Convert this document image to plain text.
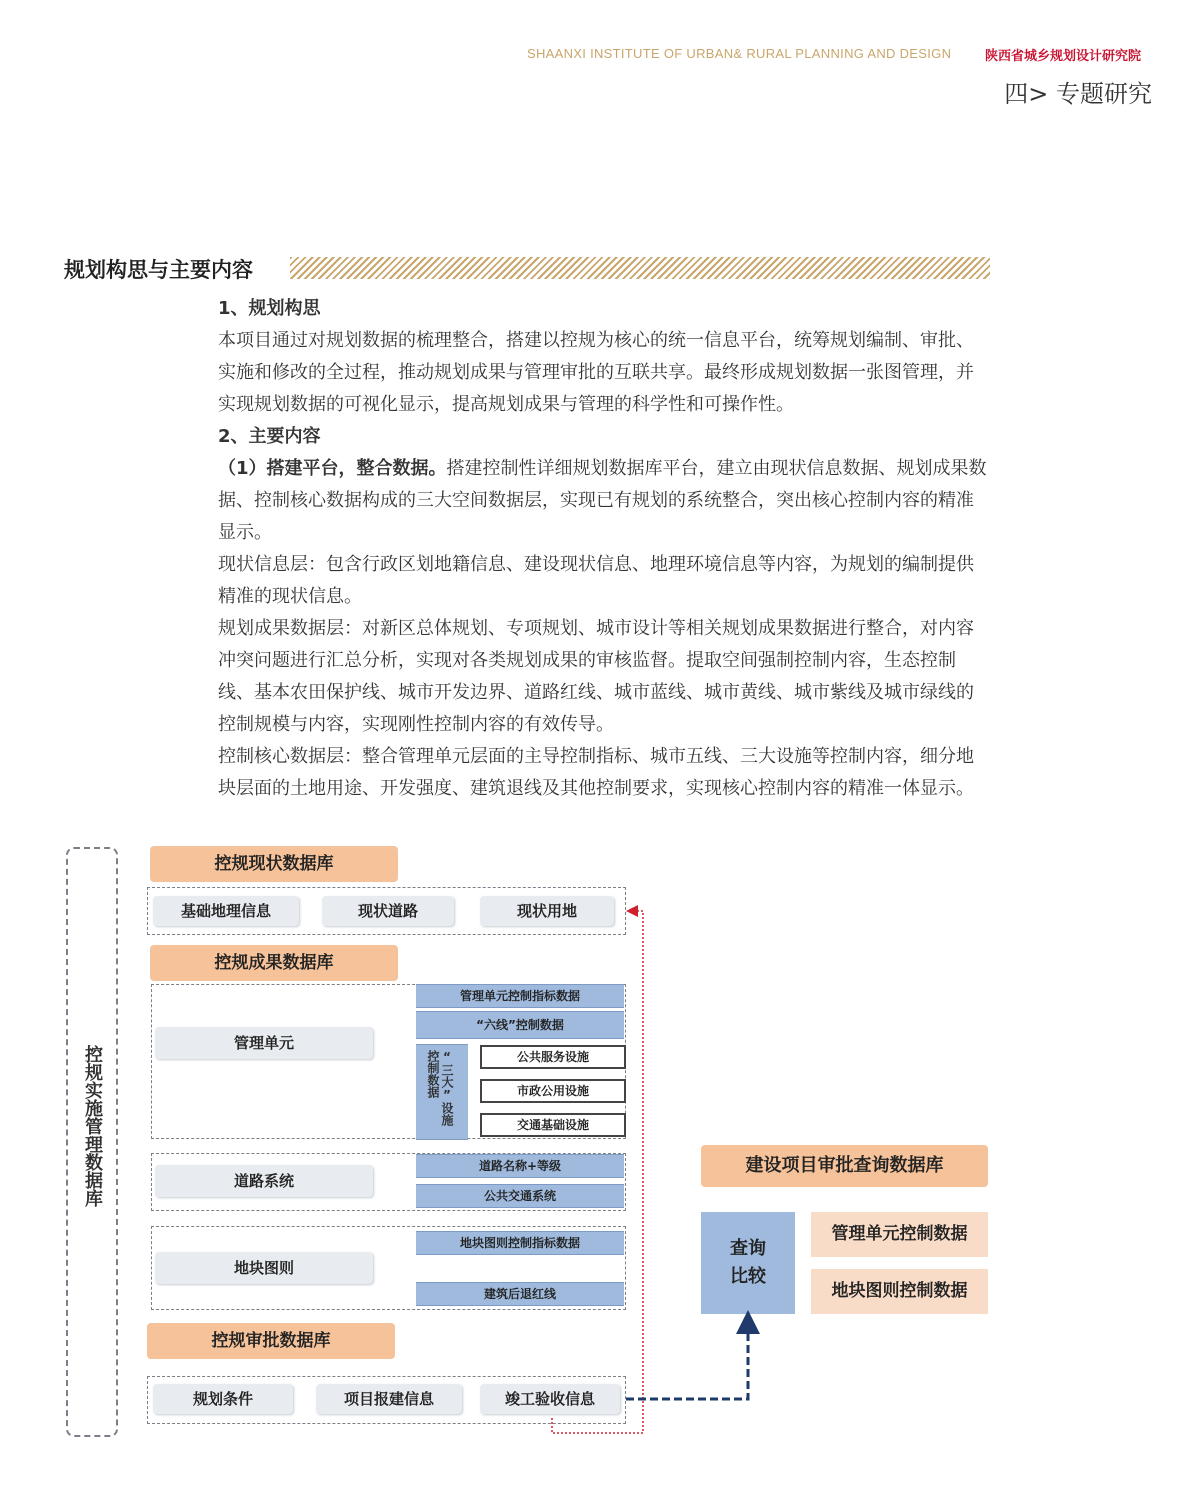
SHAANXI INSTITUTE OF URBAN& RURAL PLANNING AND DESIGN	陕西省城乡规划设计研究院
四> 专题研究
规划构思与主要内容
1、规划构思
本项目通过对规划数据的梳理整合，搭建以控规为核心的统一信息平台，统筹规划编制、审批、实施和修改的全过程，推动规划成果与管理审批的互联共享。最终形成规划数据一张图管理，并实现规划数据的可视化显示，提高规划成果与管理的科学性和可操作性。
2、主要内容
（1）搭建平台，整合数据。搭建控制性详细规划数据库平台，建立由现状信息数据、规划成果数据、控制核心数据构成的三大空间数据层，实现已有规划的系统整合，突出核心控制内容的精准显示。
现状信息层：包含行政区划地籍信息、建设现状信息、地理环境信息等内容，为规划的编制提供精准的现状信息。
规划成果数据层：对新区总体规划、专项规划、城市设计等相关规划成果数据进行整合，对内容冲突问题进行汇总分析，实现对各类规划成果的审核监督。提取空间强制控制内容，生态控制线、基本农田保护线、城市开发边界、道路红线、城市蓝线、城市黄线、城市紫线及城市绿线的控制规模与内容，实现刚性控制内容的有效传导。
控制核心数据层：整合管理单元层面的主导控制指标、城市五线、三大设施等控制内容，细分地块层面的土地用途、开发强度、建筑退线及其他控制要求，实现核心控制内容的精准一体显示。
控规实施管理数据库
控规现状数据库
基础地理信息	现状道路	现状用地
控规成果数据库
管理单元
管理单元控制指标数据
“六线”控制数据
“三大”设施控制数据	公共服务设施
市政公用设施
交通基础设施
道路系统
道路名称+等级
公共交通系统
地块图则
地块图则控制指标数据
建筑后退红线
控规审批数据库
规划条件	项目报建信息	竣工验收信息
建设项目审批查询数据库
查询比较
管理单元控制数据
地块图则控制数据
